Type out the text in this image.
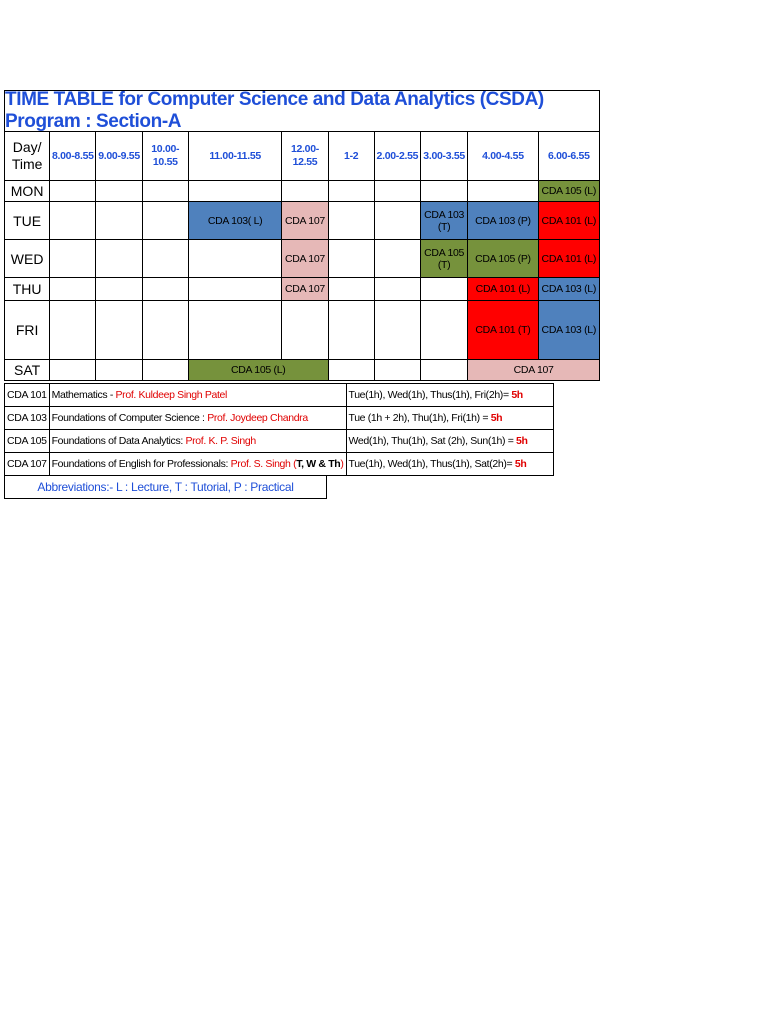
TIME TABLE for Computer Science and Data Analytics (CSDA) Program : Section-A
Day/ Time	8.00-8.55	9.00-9.55	10.00-10.55	11.00-11.55	12.00-12.55	1-2	2.00-2.55	3.00-3.55	4.00-4.55	6.00-6.55
MON										CDA 105 (L)
TUE				CDA 103( L)	CDA 107			CDA 103 (T)	CDA 103 (P)	CDA 101 (L)
WED					CDA 107			CDA 105 (T)	CDA 105 (P)	CDA 101 (L)
THU					CDA 107				CDA 101 (L)	CDA 103 (L)
FRI									CDA 101 (T)	CDA 103 (L)
SAT				CDA 105 (L)					CDA 107	
CDA 101	Mathematics - Prof. Kuldeep Singh Patel	Tue(1h), Wed(1h), Thus(1h), Fri(2h)= 5h
CDA 103	Foundations of Computer Science : Prof. Joydeep Chandra	Tue (1h + 2h), Thu(1h), Fri(1h) = 5h
CDA 105	Foundations of Data Analytics: Prof. K. P. Singh	Wed(1h), Thu(1h), Sat (2h), Sun(1h) = 5h
CDA 107	Foundations of English for Professionals: Prof. S. Singh (T, W & Th)	Tue(1h), Wed(1h), Thus(1h), Sat(2h)= 5h
Abbreviations:- L : Lecture, T : Tutorial, P : Practical
